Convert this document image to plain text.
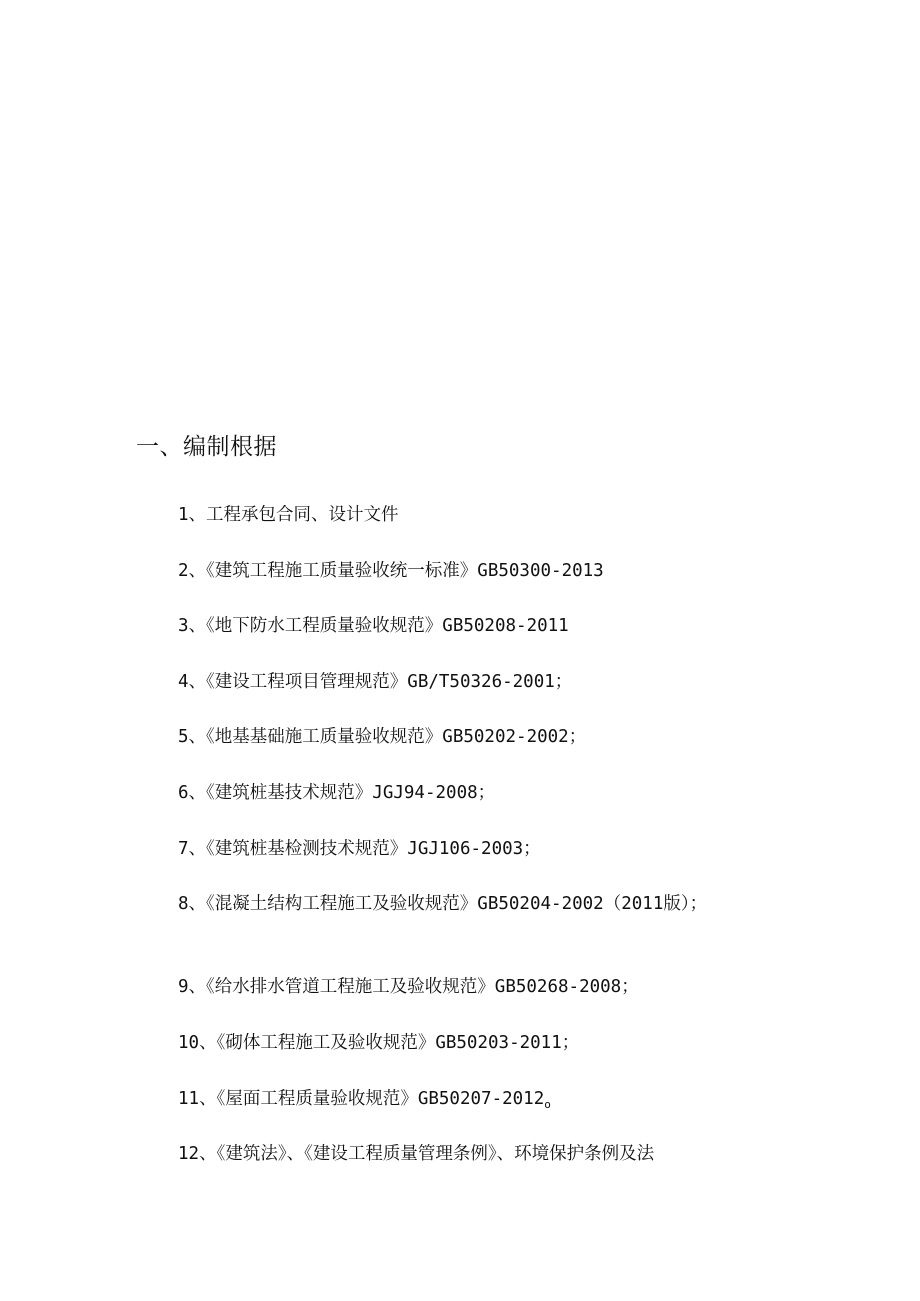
一、编制根据
1、工程承包合同、设计文件
2、《建筑工程施工质量验收统一标准》GB50300-2013
3、《地下防水工程质量验收规范》GB50208-2011
4、《建设工程项目管理规范》GB/T50326-2001；
5、《地基基础施工质量验收规范》GB50202-2002；
6、《建筑桩基技术规范》JGJ94-2008；
7、《建筑桩基检测技术规范》JGJ106-2003；
8、《混凝土结构工程施工及验收规范》GB50204-2002（2011版）；
9、《给水排水管道工程施工及验收规范》GB50268-2008；
10、《砌体工程施工及验收规范》GB50203-2011；
11、《屋面工程质量验收规范》$GB50207-2012_o$
12、《建筑法》、《建设工程质量管理条例》、环境保护条例及法
